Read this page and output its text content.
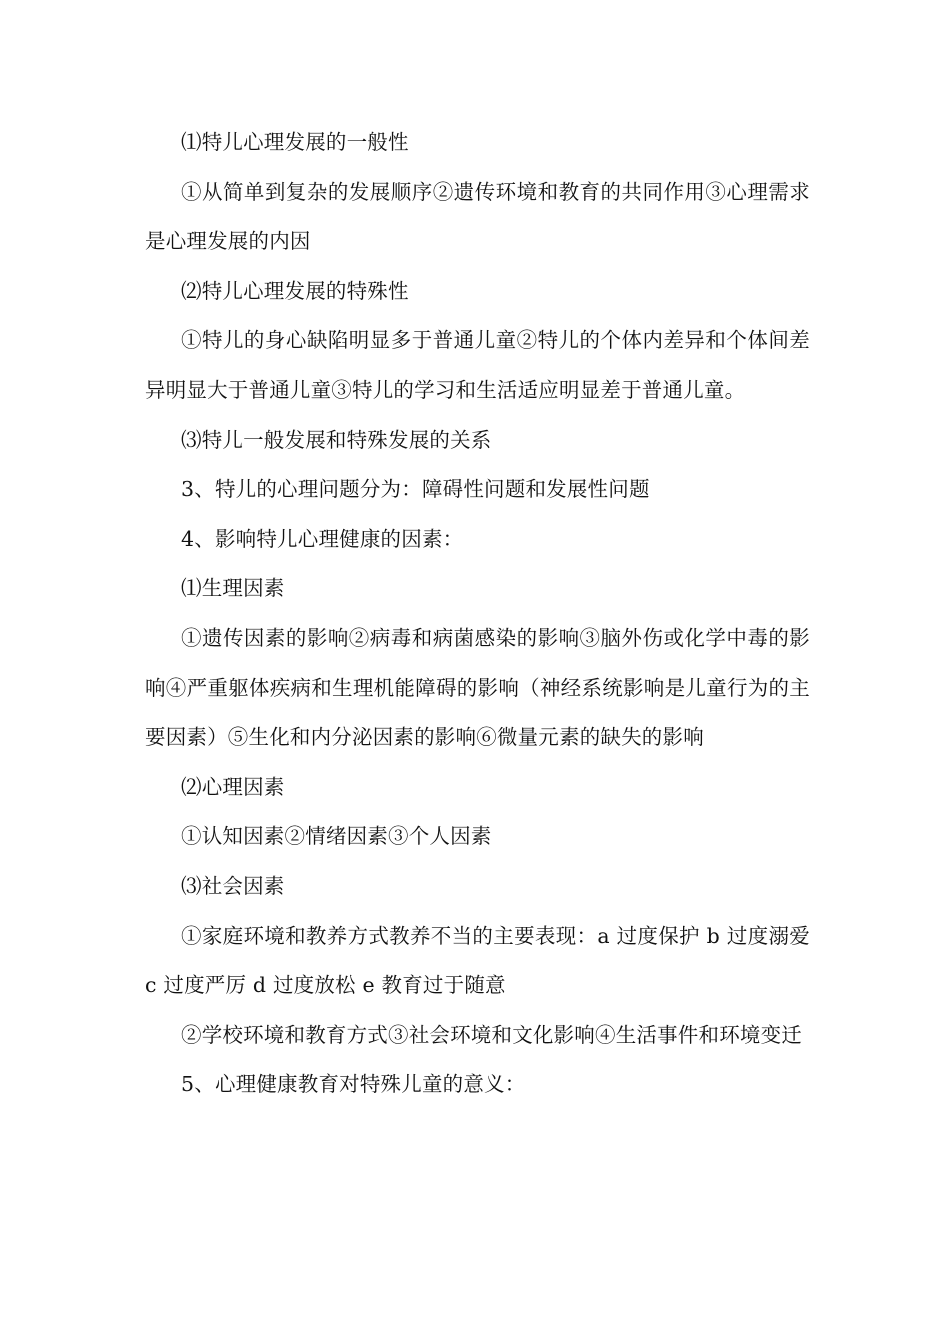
⑴特儿心理发展的一般性

①从简单到复杂的发展顺序②遗传环境和教育的共同作用③心理需求是心理发展的内因

⑵特儿心理发展的特殊性

①特儿的身心缺陷明显多于普通儿童②特儿的个体内差异和个体间差异明显大于普通儿童③特儿的学习和生活适应明显差于普通儿童。

⑶特儿一般发展和特殊发展的关系

3、特儿的心理问题分为：障碍性问题和发展性问题

4、影响特儿心理健康的因素：

⑴生理因素

①遗传因素的影响②病毒和病菌感染的影响③脑外伤或化学中毒的影响④严重躯体疾病和生理机能障碍的影响（神经系统影响是儿童行为的主要因素）⑤生化和内分泌因素的影响⑥微量元素的缺失的影响

⑵心理因素

①认知因素②情绪因素③个人因素

⑶社会因素

①家庭环境和教养方式教养不当的主要表现：a 过度保护 b 过度溺爱 c 过度严厉 d 过度放松 e 教育过于随意

②学校环境和教育方式③社会环境和文化影响④生活事件和环境变迁

5、心理健康教育对特殊儿童的意义：
